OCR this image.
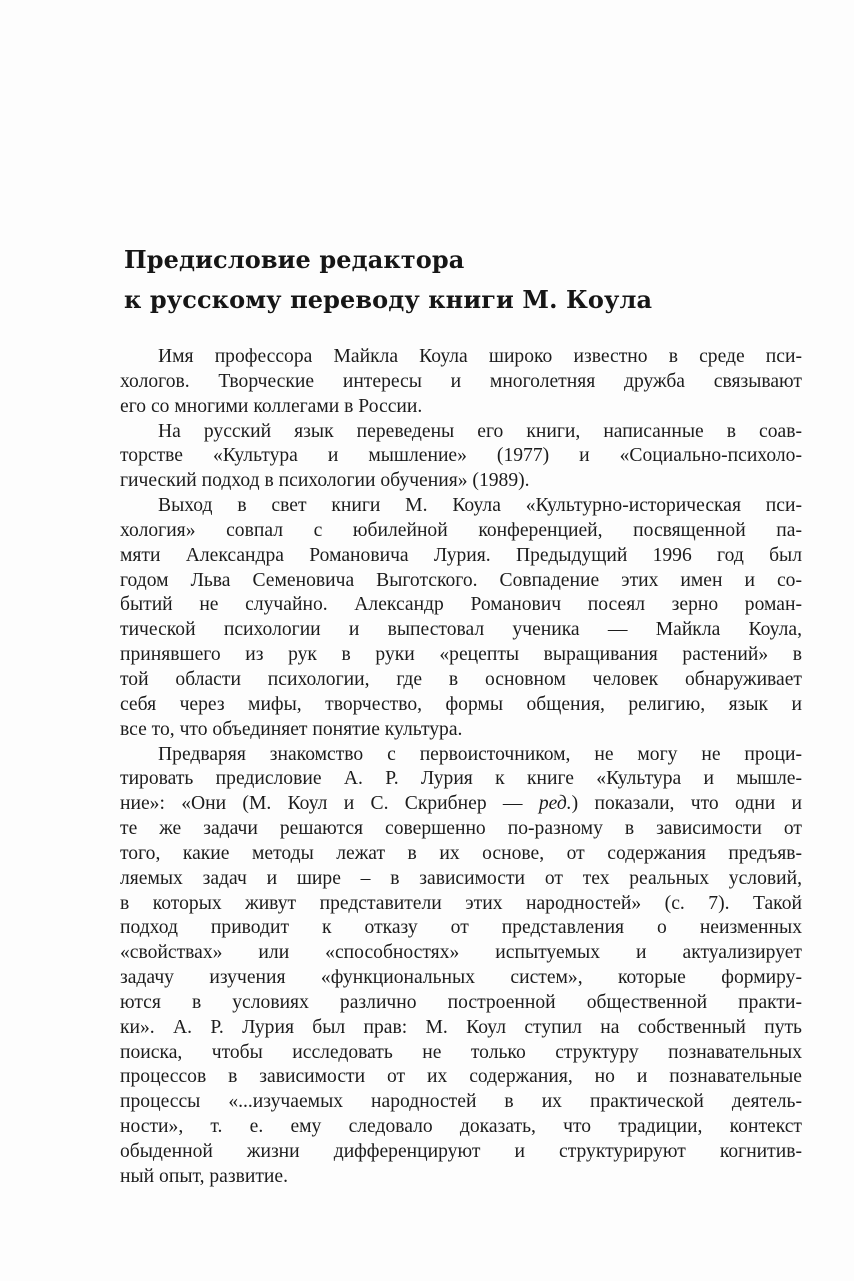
Предисловие редактора
к русскому переводу книги М. Коула
Имя профессора Майкла Коула широко известно в среде пси-
хологов. Творческие интересы и многолетняя дружба связывают
его со многими коллегами в России.
На русский язык переведены его книги, написанные в соав-
торстве «Культура и мышление» (1977) и «Социально-психоло-
гический подход в психологии обучения» (1989).
Выход в свет книги М. Коула «Культурно-историческая пси-
хология» совпал с юбилейной конференцией, посвященной па-
мяти Александра Романовича Лурия. Предыдущий 1996 год был
годом Льва Семеновича Выготского. Совпадение этих имен и со-
бытий не случайно. Александр Романович посеял зерно роман-
тической психологии и выпестовал ученика — Майкла Коула,
принявшего из рук в руки «рецепты выращивания растений» в
той области психологии, где в основном человек обнаруживает
себя через мифы, творчество, формы общения, религию, язык и
все то, что объединяет понятие культура.
Предваряя знакомство с первоисточником, не могу не проци-
тировать предисловие А. Р. Лурия к книге «Культура и мышле-
ние»: «Они (М. Коул и С. Скрибнер — ред.) показали, что одни и
те же задачи решаются совершенно по-разному в зависимости от
того, какие методы лежат в их основе, от содержания предъяв-
ляемых задач и шире – в зависимости от тех реальных условий,
в которых живут представители этих народностей» (с. 7). Такой
подход приводит к отказу от представления о неизменных
«свойствах» или «способностях» испытуемых и актуализирует
задачу изучения «функциональных систем», которые формиру-
ются в условиях различно построенной общественной практи-
ки». А. Р. Лурия был прав: М. Коул ступил на собственный путь
поиска, чтобы исследовать не только структуру познавательных
процессов в зависимости от их содержания, но и познавательные
процессы «...изучаемых народностей в их практической деятель-
ности», т. е. ему следовало доказать, что традиции, контекст
обыденной жизни дифференцируют и структурируют когнитив-
ный опыт, развитие.
